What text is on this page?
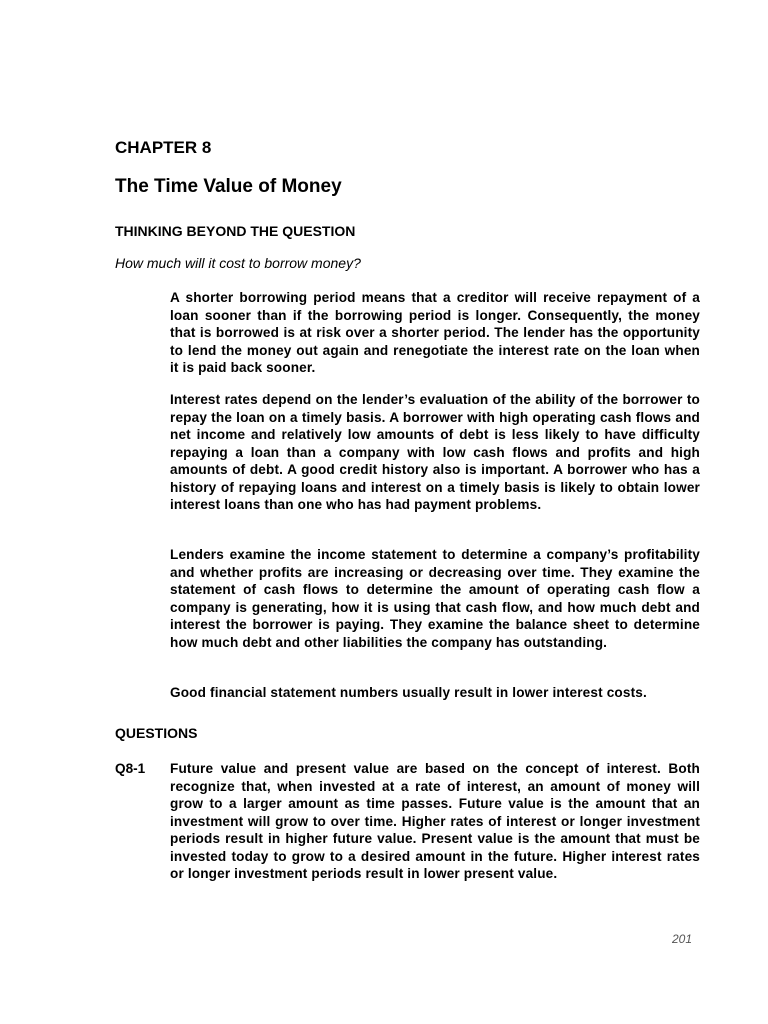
CHAPTER 8
The Time Value of Money
THINKING BEYOND THE QUESTION
How much will it cost to borrow money?

A shorter borrowing period means that a creditor will receive repayment of a loan sooner than if the borrowing period is longer. Consequently, the money that is borrowed is at risk over a shorter period. The lender has the opportunity to lend the money out again and renegotiate the interest rate on the loan when it is paid back sooner.

Interest rates depend on the lender’s evaluation of the ability of the borrower to repay the loan on a timely basis. A borrower with high operating cash flows and net income and relatively low amounts of debt is less likely to have difficulty repaying a loan than a company with low cash flows and profits and high amounts of debt. A good credit history also is important. A borrower who has a history of repaying loans and interest on a timely basis is likely to obtain lower interest loans than one who has had payment problems.

Lenders examine the income statement to determine a company’s profitability and whether profits are increasing or decreasing over time. They examine the statement of cash flows to determine the amount of operating cash flow a company is generating, how it is using that cash flow, and how much debt and interest the borrower is paying. They examine the balance sheet to determine how much debt and other liabilities the company has outstanding.

Good financial statement numbers usually result in lower interest costs.

QUESTIONS
Q8-1 Future value and present value are based on the concept of interest. Both recognize that, when invested at a rate of interest, an amount of money will grow to a larger amount as time passes. Future value is the amount that an investment will grow to over time. Higher rates of interest or longer investment periods result in higher future value. Present value is the amount that must be invested today to grow to a desired amount in the future. Higher interest rates or longer investment periods result in lower present value.

201
